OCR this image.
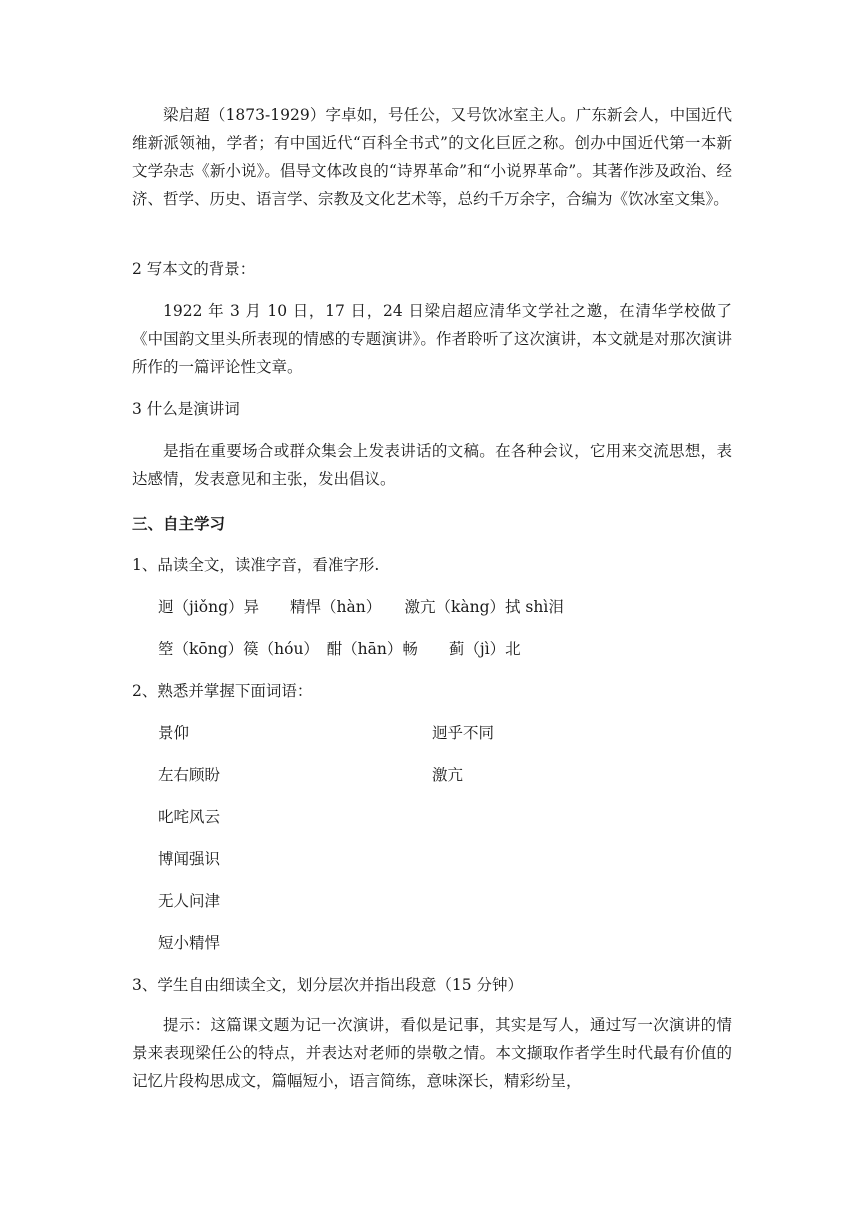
梁启超（1873-1929）字卓如，号任公，又号饮冰室主人。广东新会人，中国近代维新派领袖，学者；有中国近代“百科全书式”的文化巨匠之称。创办中国近代第一本新文学杂志《新小说》。倡导文体改良的“诗界革命”和“小说界革命”。其著作涉及政治、经济、哲学、历史、语言学、宗教及文化艺术等，总约千万余字，合编为《饮冰室文集》。

2 写本文的背景：

1922 年 3 月 10 日，17 日，24 日梁启超应清华文学社之邀，在清华学校做了《中国韵文里头所表现的情感的专题演讲》。作者聆听了这次演讲，本文就是对那次演讲所作的一篇评论性文章。

3 什么是演讲词

是指在重要场合或群众集会上发表讲话的文稿。在各种会议，它用来交流思想，表达感情，发表意见和主张，发出倡议。

三、自主学习

1、品读全文，读准字音，看准字形.

迥（jiǒng）异　　精悍（hàn）　　激亢（kàng）拭 shì泪

箜（kōng）篌（hóu）　酣（hān）畅　　蓟（jì）北

2、熟悉并掌握下面词语：

景仰	迥乎不同

左右顾盼	激亢

叱咤风云

博闻强识

无人问津

短小精悍

3、学生自由细读全文，划分层次并指出段意（15 分钟）

提示：这篇课文题为记一次演讲，看似是记事，其实是写人，通过写一次演讲的情景来表现梁任公的特点，并表达对老师的崇敬之情。本文撷取作者学生时代最有价值的记忆片段构思成文，篇幅短小，语言简练，意味深长，精彩纷呈，
